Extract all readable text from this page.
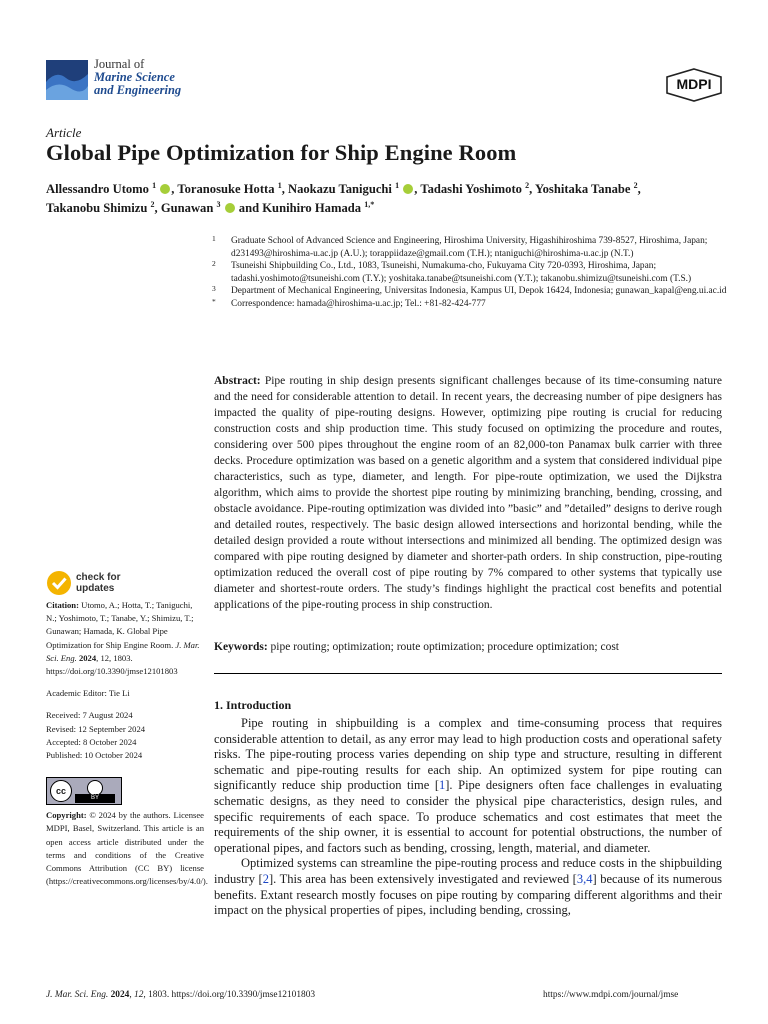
Journal of
Marine Science
and Engineering	MDPI
Article
Global Pipe Optimization for Ship Engine Room
Allessandro Utomo $^1$ , Toranosuke Hotta $^1$, Naokazu Taniguchi $^1$ , Tadashi Yoshimoto $^2$, Yoshitaka Tanabe $^2$,
Takanobu Shimizu $^2$, Gunawan $^3$  and Kunihiro Hamada $^{1,*}$
1	Graduate School of Advanced Science and Engineering, Hiroshima University, Higashihiroshima 739-8527, Hiroshima, Japan; d231493@hiroshima-u.ac.jp (A.U.); torappiidaze@gmail.com (T.H.); ntaniguchi@hiroshima-u.ac.jp (N.T.)
2	Tsuneishi Shipbuilding Co., Ltd., 1083, Tsuneishi, Numakuma-cho, Fukuyama City 720-0393, Hiroshima, Japan; tadashi.yoshimoto@tsuneishi.com (T.Y.); yoshitaka.tanabe@tsuneishi.com (Y.T.); takanobu.shimizu@tsuneishi.com (T.S.)
3	Department of Mechanical Engineering, Universitas Indonesia, Kampus UI, Depok 16424, Indonesia; gunawan_kapal@eng.ui.ac.id
*	Correspondence: hamada@hiroshima-u.ac.jp; Tel.: +81-82-424-777
Abstract: Pipe routing in ship design presents significant challenges because of its time-consuming nature and the need for considerable attention to detail. In recent years, the decreasing number of pipe designers has impacted the quality of pipe-routing designs. However, optimizing pipe routing is crucial for reducing construction costs and ship production time. This study focused on optimizing the procedure and routes, considering over 500 pipes throughout the engine room of an 82,000-ton Panamax bulk carrier with three decks. Procedure optimization was based on a genetic algorithm and a system that considered individual pipe characteristics, such as type, diameter, and length. For pipe-route optimization, we used the Dijkstra algorithm, which aims to provide the shortest pipe routing by minimizing branching, bending, crossing, and obstacle avoidance. Pipe-routing optimization was divided into ”basic” and ”detailed” designs to derive rough and detailed routes, respectively. The basic design allowed intersections and horizontal bending, while the detailed design provided a route without intersections and minimized all bending. The optimized design was compared with pipe routing designed by diameter and shorter-path orders. In ship construction, pipe-routing optimization reduced the overall cost of pipe routing by 7% compared to other systems that typically use diameter and shortest-route orders. The study’s findings highlight the practical cost benefits and potential applications of the pipe-routing process in ship construction.
Keywords: pipe routing; optimization; route optimization; procedure optimization; cost
check for
updates

Citation: Utomo, A.; Hotta, T.; Taniguchi, N.; Yoshimoto, T.; Tanabe, Y.; Shimizu, T.; Gunawan; Hamada, K. Global Pipe Optimization for Ship Engine Room. J. Mar. Sci. Eng. 2024, 12, 1803. https://doi.org/10.3390/jmse12101803

Academic Editor: Tie Li

Received: 7 August 2024

Revised: 12 September 2024

Accepted: 8 October 2024

Published: 10 October 2024

cc
BY

Copyright: © 2024 by the authors. Licensee MDPI, Basel, Switzerland. This article is an open access article distributed under the terms and conditions of the Creative Commons Attribution (CC BY) license (https://creativecommons.org/licenses/by/4.0/).

1. Introduction

Pipe routing in shipbuilding is a complex and time-consuming process that requires considerable attention to detail, as any error may lead to high production costs and operational safety risks. The pipe-routing process varies depending on ship type and structure, resulting in different schematic and pipe-routing results for each ship. An optimized system for pipe routing can significantly reduce ship production time [1]. Pipe designers often face challenges in evaluating schematic designs, as they need to consider the physical pipe characteristics, design rules, and specific requirements of each space. To produce schematics and cost estimates that meet the requirements of the ship owner, it is essential to account for potential obstructions, the number of operational pipes, and factors such as bending, crossing, length, material, and diameter.

Optimized systems can streamline the pipe-routing process and reduce costs in the shipbuilding industry [2]. This area has been extensively investigated and reviewed [3,4] because of its numerous benefits. Extant research mostly focuses on pipe routing by comparing different algorithms and their impact on the physical properties of pipes, including bending, crossing,

J. Mar. Sci. Eng. 2024, 12, 1803. https://doi.org/10.3390/jmse12101803	https://www.mdpi.com/journal/jmse
